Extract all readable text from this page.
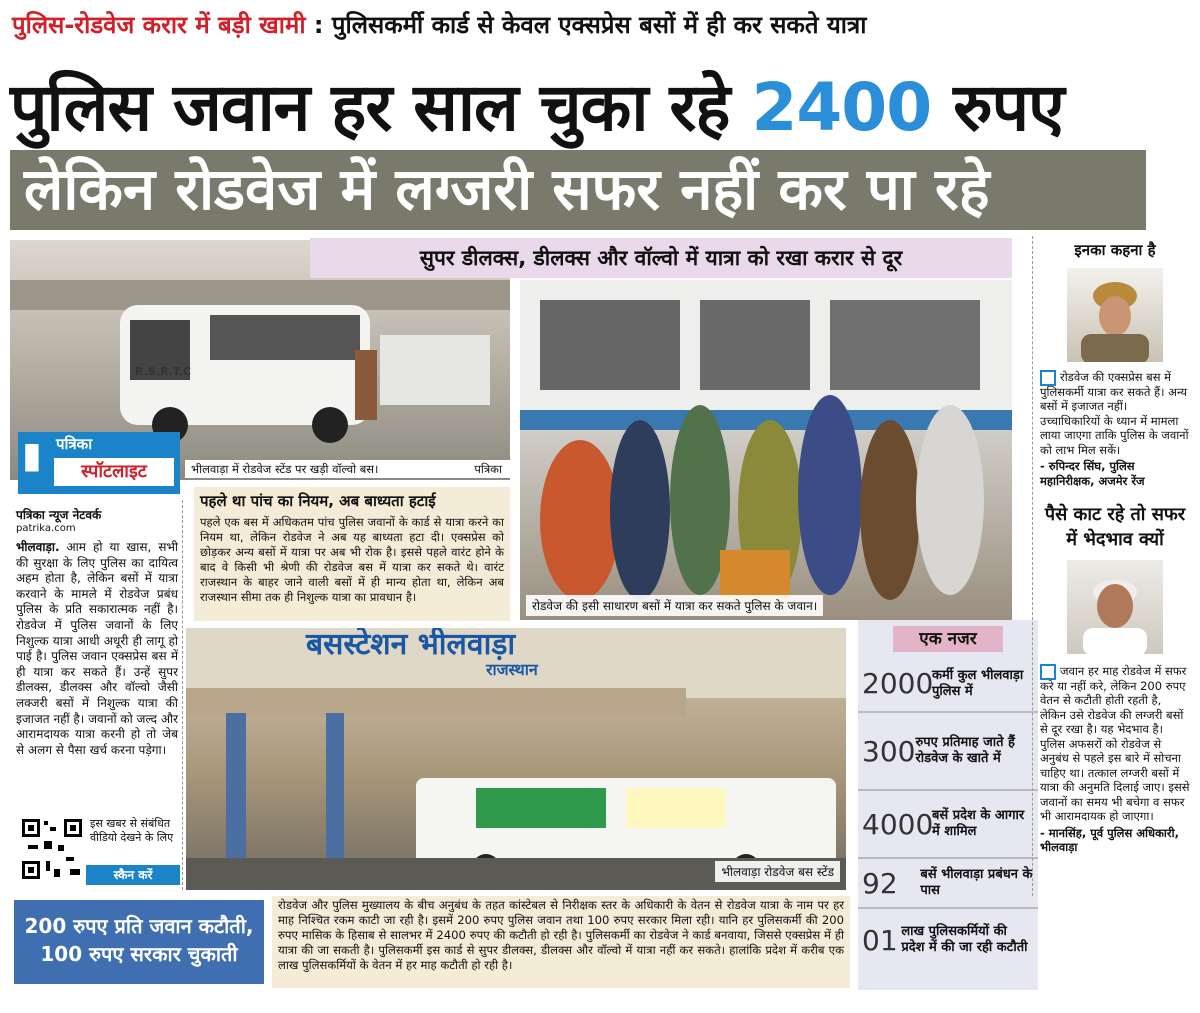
पुलिस-रोडवेज करार में बड़ी खामी : पुलिसकर्मी कार्ड से केवल एक्सप्रेस बसों में ही कर सकते यात्रा
पुलिस जवान हर साल चुका रहे 2400 रुपए
लेकिन रोडवेज में लग्जरी सफर नहीं कर पा रहे
R.S.R.T.C
भीलवाड़ा में रोडवेज स्टेंड पर खड़ी वॉल्वो बस।	पत्रिका
▮ पत्रिका
स्पॉटलाइट
पत्रिका न्यूज नेटवर्क
patrika.com
भीलवाड़ा. आम हो या खास, सभी की सुरक्षा के लिए पुलिस का दायित्व अहम होता है, लेकिन बसों में यात्रा करवाने के मामले में रोडवेज प्रबंध पुलिस के प्रति सकारात्मक नहीं है। रोडवेज में पुलिस जवानों के लिए निशुल्क यात्रा आधी अधूरी ही लागू हो पाई है। पुलिस जवान एक्सप्रेस बस में ही यात्रा कर सकते हैं। उन्हें सुपर डीलक्स, डीलक्स और वॉल्वो जैसी लक्जरी बसों में निशुल्क यात्रा की इजाजत नहीं है। जवानों को जल्द और आरामदायक यात्रा करनी हो तो जेब से अलग से पैसा खर्च करना पड़ेगा।
इस खबर से संबंधित वीडियो देखने के लिए
स्कैन करें
सुपर डीलक्स, डीलक्स और वॉल्वो में यात्रा को रखा करार से दूर
रोडवेज की इसी साधारण बसों में यात्रा कर सकते पुलिस के जवान।
पहले था पांच का नियम, अब बाध्यता हटाई
पहले एक बस में अधिकतम पांच पुलिस जवानों के कार्ड से यात्रा करने का नियम था, लेकिन रोडवेज ने अब यह बाध्यता हटा दी। एक्सप्रेस को छोड़कर अन्य बसों में यात्रा पर अब भी रोक है। इससे पहले वारंट होने के बाद वे किसी भी श्रेणी की रोडवेज बस में यात्रा कर सकते थे। वारंट राजस्थान के बाहर जाने वाली बसों में ही मान्य होता था, लेकिन अब राजस्थान सीमा तक ही निशुल्क यात्रा का प्रावधान है।
बसस्टेशन भीलवाड़ा
राजस्थान
भीलवाड़ा रोडवेज बस स्टेंड
एक नजर
2000
कर्मी कुल भीलवाड़ा पुलिस में
300 रुपए प्रतिमाह जाते हैं रोडवेज के खाते में
4000
बसें प्रदेश के आगार में शामिल
92	बसें भीलवाड़ा प्रबंधन के पास
01 लाख पुलिसकर्मियों की प्रदेश में की जा रही कटौती
200 रुपए प्रति जवान कटौती,
100 रुपए सरकार चुकाती
रोडवेज और पुलिस मुख्यालय के बीच अनुबंध के तहत कांस्टेबल से निरीक्षक स्तर के अधिकारी के वेतन से रोडवेज यात्रा के नाम पर हर माह निश्चित रकम काटी जा रही है। इसमें 200 रुपए पुलिस जवान तथा 100 रुपए सरकार मिला रही। यानि हर पुलिसकर्मी की 200 रुपए मासिक के हिसाब से सालभर में 2400 रुपए की कटौती हो रही है। पुलिसकर्मी का रोडवेज ने कार्ड बनवाया, जिससे एक्सप्रेस में ही यात्रा की जा सकती है। पुलिसकर्मी इस कार्ड से सुपर डीलक्स, डीलक्स और वॉल्वो में यात्रा नहीं कर सकते। हालांकि प्रदेश में करीब एक लाख पुलिसकर्मियों के वेतन में हर माह कटौती हो रही है।
इनका कहना है
रोडवेज की एक्सप्रेस बस में पुलिसकर्मी यात्रा कर सकते हैं। अन्य बसों में इजाजत नहीं। उच्चाधिकारियों के ध्यान में मामला लाया जाएगा ताकि पुलिस के जवानों को लाभ मिल सकें।
- रुपिन्दर सिंघ, पुलिस महानिरीक्षक, अजमेर रेंज
पैसे काट रहे तो सफर में भेदभाव क्यों
जवान हर माह रोडवेज में सफर करे या नहीं करे, लेकिन 200 रुपए वेतन से कटौती होती रहती है, लेकिन उसे रोडवेज की लग्जरी बसों से दूर रखा है। यह भेदभाव है। पुलिस अफसरों को रोडवेज से अनुबंध से पहले इस बारे में सोचना चाहिए था। तत्काल लग्जरी बसों में यात्रा की अनुमति दिलाई जाए। इससे जवानों का समय भी बचेगा व सफर भी आरामदायक हो जाएगा।
- मानसिंह, पूर्व पुलिस अधिकारी, भीलवाड़ा
